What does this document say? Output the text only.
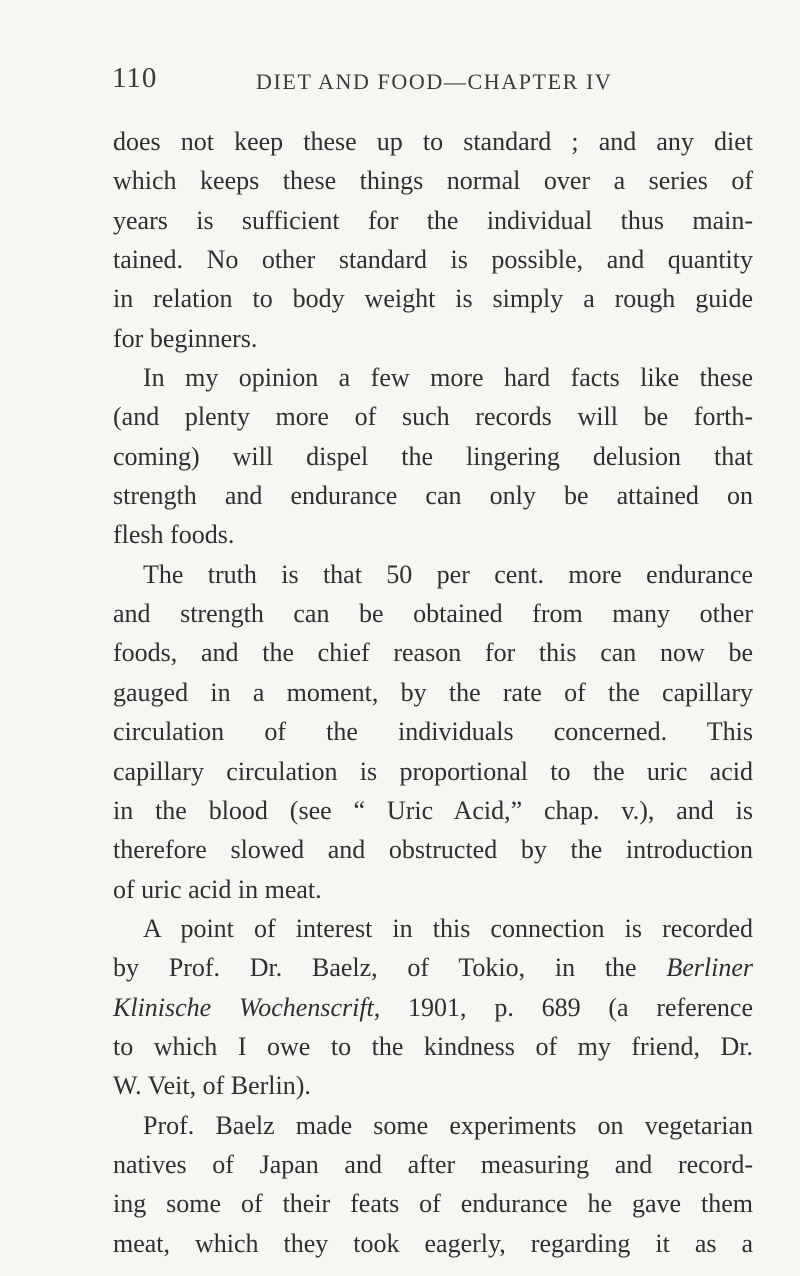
110	DIET AND FOOD—CHAPTER IV
does not keep these up to standard ; and any diet
which keeps these things normal over a series of
years is sufficient for the individual thus main-
tained. No other standard is possible, and quantity
in relation to body weight is simply a rough guide
for beginners.
In my opinion a few more hard facts like these
(and plenty more of such records will be forth-
coming) will dispel the lingering delusion that
strength and endurance can only be attained on
flesh foods.
The truth is that 50 per cent. more endurance
and strength can be obtained from many other
foods, and the chief reason for this can now be
gauged in a moment, by the rate of the capillary
circulation of the individuals concerned. This
capillary circulation is proportional to the uric acid
in the blood (see “ Uric Acid,” chap. v.), and is
therefore slowed and obstructed by the introduction
of uric acid in meat.
A point of interest in this connection is recorded
by Prof. Dr. Baelz, of Tokio, in the Berliner
Klinische Wochenscrift, 1901, p. 689 (a reference
to which I owe to the kindness of my friend, Dr.
W. Veit, of Berlin).
Prof. Baelz made some experiments on vegetarian
natives of Japan and after measuring and record-
ing some of their feats of endurance he gave them
meat, which they took eagerly, regarding it as a
